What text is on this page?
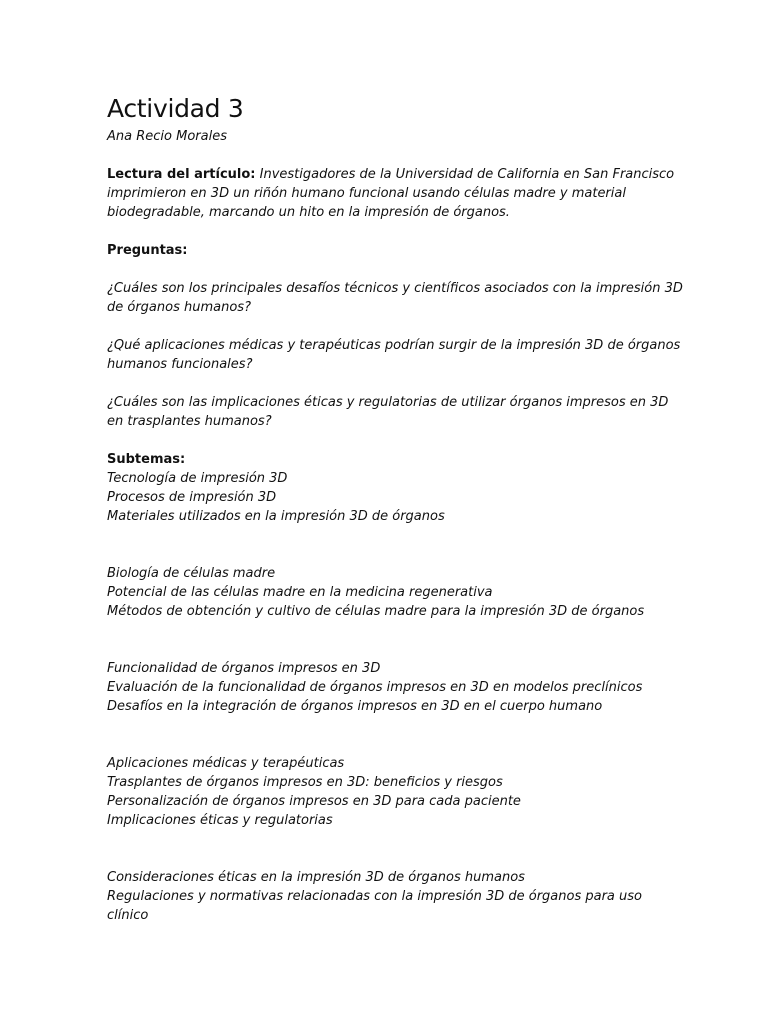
Actividad 3

Ana Recio Morales

Lectura del artículo: Investigadores de la Universidad de California en San Francisco imprimieron en 3D un riñón humano funcional usando células madre y material biodegradable, marcando un hito en la impresión de órganos.

Preguntas:

¿Cuáles son los principales desafíos técnicos y científicos asociados con la impresión 3D de órganos humanos?

¿Qué aplicaciones médicas y terapéuticas podrían surgir de la impresión 3D de órganos humanos funcionales?

¿Cuáles son las implicaciones éticas y regulatorias de utilizar órganos impresos en 3D en trasplantes humanos?

Subtemas:

Tecnología de impresión 3D
Procesos de impresión 3D
Materiales utilizados en la impresión 3D de órganos
Biología de células madre
Potencial de las células madre en la medicina regenerativa
Métodos de obtención y cultivo de células madre para la impresión 3D de órganos
Funcionalidad de órganos impresos en 3D
Evaluación de la funcionalidad de órganos impresos en 3D en modelos preclínicos
Desafíos en la integración de órganos impresos en 3D en el cuerpo humano
Aplicaciones médicas y terapéuticas
Trasplantes de órganos impresos en 3D: beneficios y riesgos
Personalización de órganos impresos en 3D para cada paciente
Implicaciones éticas y regulatorias
Consideraciones éticas en la impresión 3D de órganos humanos
Regulaciones y normativas relacionadas con la impresión 3D de órganos para uso clínico
